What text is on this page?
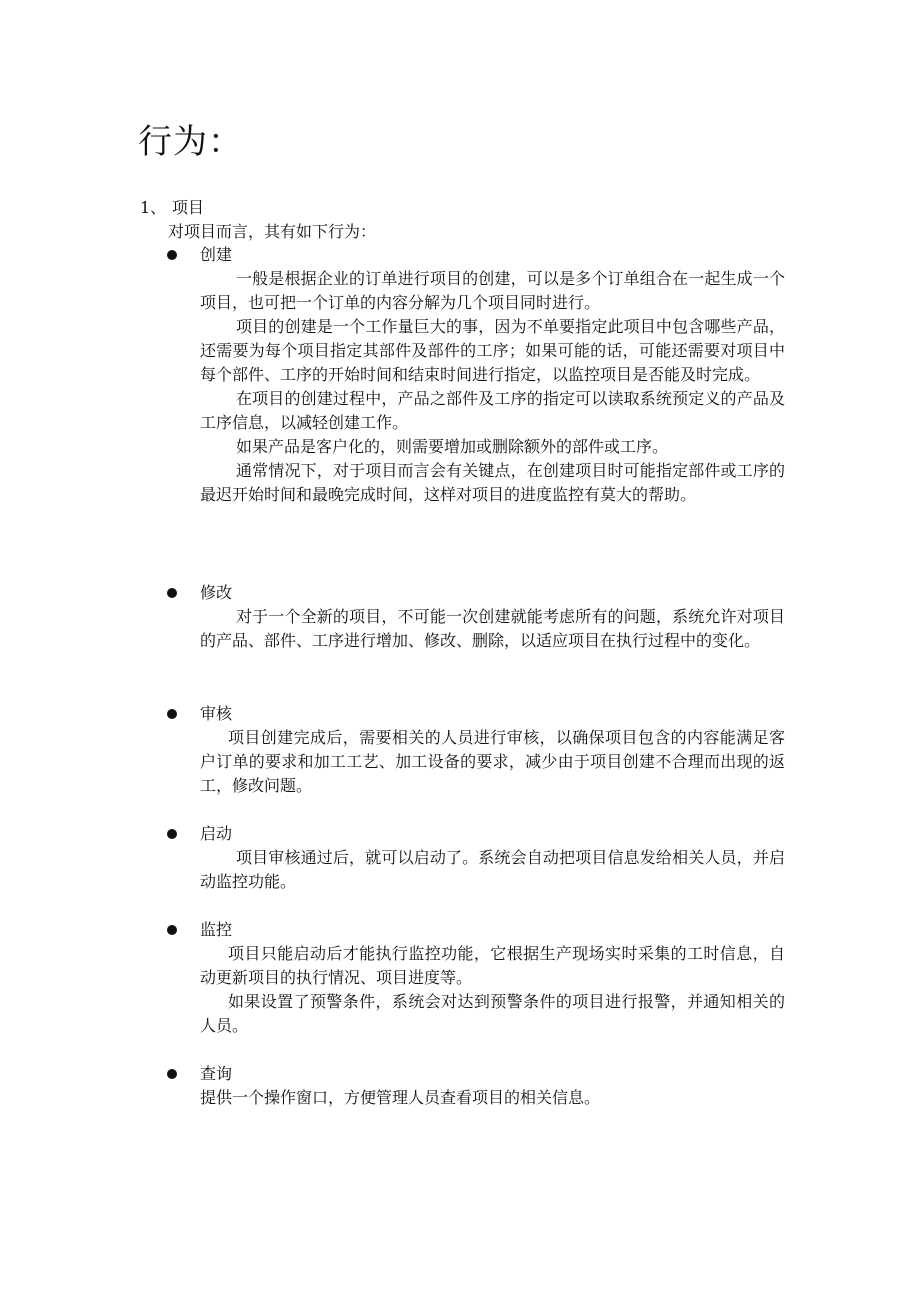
行为：
1、 项目
对项目而言，其有如下行为：
创建

一般是根据企业的订单进行项目的创建，可以是多个订单组合在一起生成一个项目，也可把一个订单的内容分解为几个项目同时进行。

项目的创建是一个工作量巨大的事，因为不单要指定此项目中包含哪些产品，还需要为每个项目指定其部件及部件的工序；如果可能的话，可能还需要对项目中每个部件、工序的开始时间和结束时间进行指定，以监控项目是否能及时完成。

在项目的创建过程中，产品之部件及工序的指定可以读取系统预定义的产品及工序信息，以减轻创建工作。

如果产品是客户化的，则需要增加或删除额外的部件或工序。

通常情况下，对于项目而言会有关键点，在创建项目时可能指定部件或工序的最迟开始时间和最晚完成时间，这样对项目的进度监控有莫大的帮助。

修改

对于一个全新的项目，不可能一次创建就能考虑所有的问题，系统允许对项目的产品、部件、工序进行增加、修改、删除，以适应项目在执行过程中的变化。

审核

项目创建完成后，需要相关的人员进行审核，以确保项目包含的内容能满足客户订单的要求和加工工艺、加工设备的要求，减少由于项目创建不合理而出现的返工，修改问题。

启动

项目审核通过后，就可以启动了。系统会自动把项目信息发给相关人员，并启动监控功能。

监控

项目只能启动后才能执行监控功能，它根据生产现场实时采集的工时信息，自动更新项目的执行情况、项目进度等。

如果设置了预警条件，系统会对达到预警条件的项目进行报警，并通知相关的人员。

查询

提供一个操作窗口，方便管理人员查看项目的相关信息。
